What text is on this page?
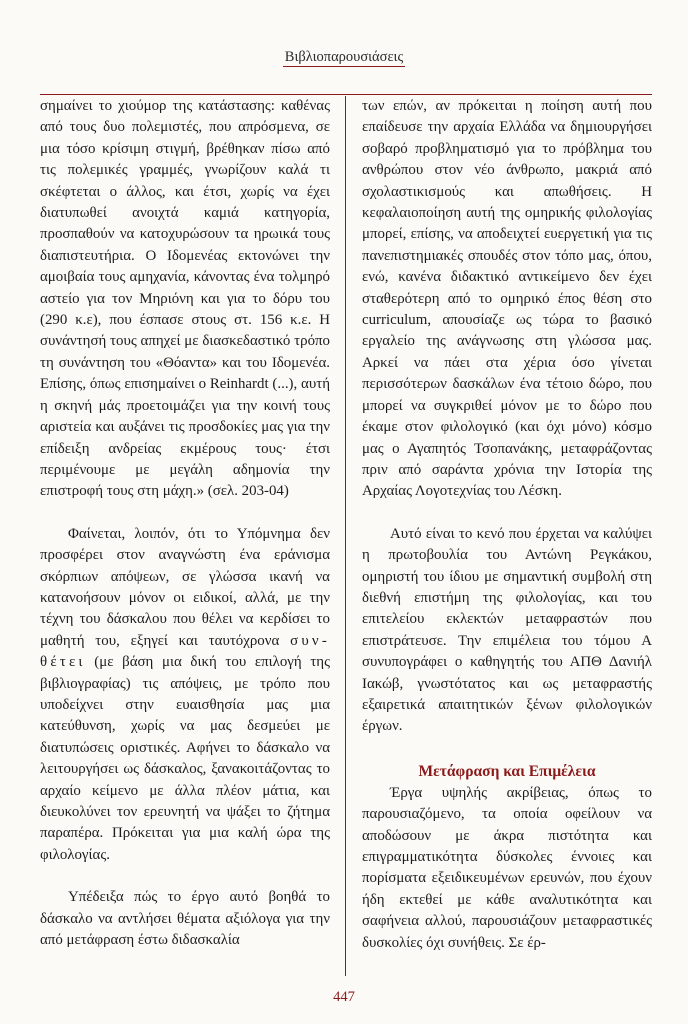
Βιβλιοπαρουσιάσεις

σημαίνει το χιούμορ της κατάστασης: καθένας από τους δυο πολεμιστές, που απρόσμενα, σε μια τόσο κρίσιμη στιγμή, βρέθηκαν πίσω από τις πολεμικές γραμμές, γνωρίζουν καλά τι σκέφτεται ο άλλος, και έτσι, χωρίς να έχει διατυπωθεί ανοιχτά καμιά κατηγορία, προσπαθούν να κατοχυρώσουν τα ηρωικά τους διαπιστευτήρια. Ο Ιδομενέας εκτονώνει την αμοιβαία τους αμηχανία, κάνοντας ένα τολμηρό αστείο για τον Μηριόνη και για το δόρυ του (290 κ.ε), που έσπασε στους στ. 156 κ.ε. Η συνάντησή τους απηχεί με διασκεδαστικό τρόπο τη συνάντηση του «Θόαντα» και του Ιδομενέα. Επίσης, όπως επισημαίνει ο Reinhardt (...), αυτή η σκηνή μάς προετοιμάζει για την κοινή τους αριστεία και αυξάνει τις προσδοκίες μας για την επίδειξη ανδρείας εκμέρους τους· έτσι περιμένουμε με μεγάλη αδημονία την επιστροφή τους στη μάχη.» (σελ. 203-04)

Φαίνεται, λοιπόν, ότι το Υπόμνημα δεν προσφέρει στον αναγνώστη ένα εράνισμα σκόρπιων απόψεων, σε γλώσσα ικανή να κατανοήσουν μόνον οι ειδικοί, αλλά, με την τέχνη του δάσκαλου που θέλει να κερδίσει το μαθητή του, εξηγεί και ταυτόχρονα συν-θέτει (με βάση μια δική του επιλογή της βιβλιογραφίας) τις απόψεις, με τρόπο που υποδείχνει στην ευαισθησία μας μια κατεύθυνση, χωρίς να μας δεσμεύει με διατυπώσεις οριστικές. Αφήνει το δάσκαλο να λειτουργήσει ως δάσκαλος, ξανακοιτάζοντας το αρχαίο κείμενο με άλλα πλέον μάτια, και διευκολύνει τον ερευνητή να ψάξει το ζήτημα παραπέρα. Πρόκειται για μια καλή ώρα της φιλολογίας.

Υπέδειξα πώς το έργο αυτό βοηθά το δάσκαλο να αντλήσει θέματα αξιόλογα για την από μετάφραση έστω διδασκαλία

των επών, αν πρόκειται η ποίηση αυτή που επαίδευσε την αρχαία Ελλάδα να δημιουργήσει σοβαρό προβληματισμό για το πρόβλημα του ανθρώπου στον νέο άνθρωπο, μακριά από σχολαστικισμούς και απωθήσεις. Η κεφαλαιοποίηση αυτή της ομηρικής φιλολογίας μπορεί, επίσης, να αποδειχτεί ευεργετική για τις πανεπιστημιακές σπουδές στον τόπο μας, όπου, ενώ, κανένα διδακτικό αντικείμενο δεν έχει σταθερότερη από το ομηρικό έπος θέση στο curriculum, απουσίαζε ως τώρα το βασικό εργαλείο της ανάγνωσης στη γλώσσα μας. Αρκεί να πάει στα χέρια όσο γίνεται περισσότερων δασκάλων ένα τέτοιο δώρο, που μπορεί να συγκριθεί μόνον με το δώρο που έκαμε στον φιλολογικό (και όχι μόνο) κόσμο μας ο Αγαπητός Τσοπανάκης, μεταφράζοντας πριν από σαράντα χρόνια την Ιστορία της Αρχαίας Λογοτεχνίας του Λέσκη.

Αυτό είναι το κενό που έρχεται να καλύψει η πρωτοβουλία του Αντώνη Ρεγκάκου, ομηριστή του ίδιου με σημαντική συμβολή στη διεθνή επιστήμη της φιλολογίας, και του επιτελείου εκλεκτών μεταφραστών που επιστράτευσε. Την επιμέλεια του τόμου Α συνυπογράφει ο καθηγητής του ΑΠΘ Δανιήλ Ιακώβ, γνωστότατος και ως μεταφραστής εξαιρετικά απαιτητικών ξένων φιλολογικών έργων.

Μετάφραση και Επιμέλεια

Έργα υψηλής ακρίβειας, όπως το παρουσιαζόμενο, τα οποία οφείλουν να αποδώσουν με άκρα πιστότητα και επιγραμματικότητα δύσκολες έννοιες και πορίσματα εξειδικευμένων ερευνών, που έχουν ήδη εκτεθεί με κάθε αναλυτικότητα και σαφήνεια αλλού, παρουσιάζουν μεταφραστικές δυσκολίες όχι συνήθεις. Σε έρ-

447
